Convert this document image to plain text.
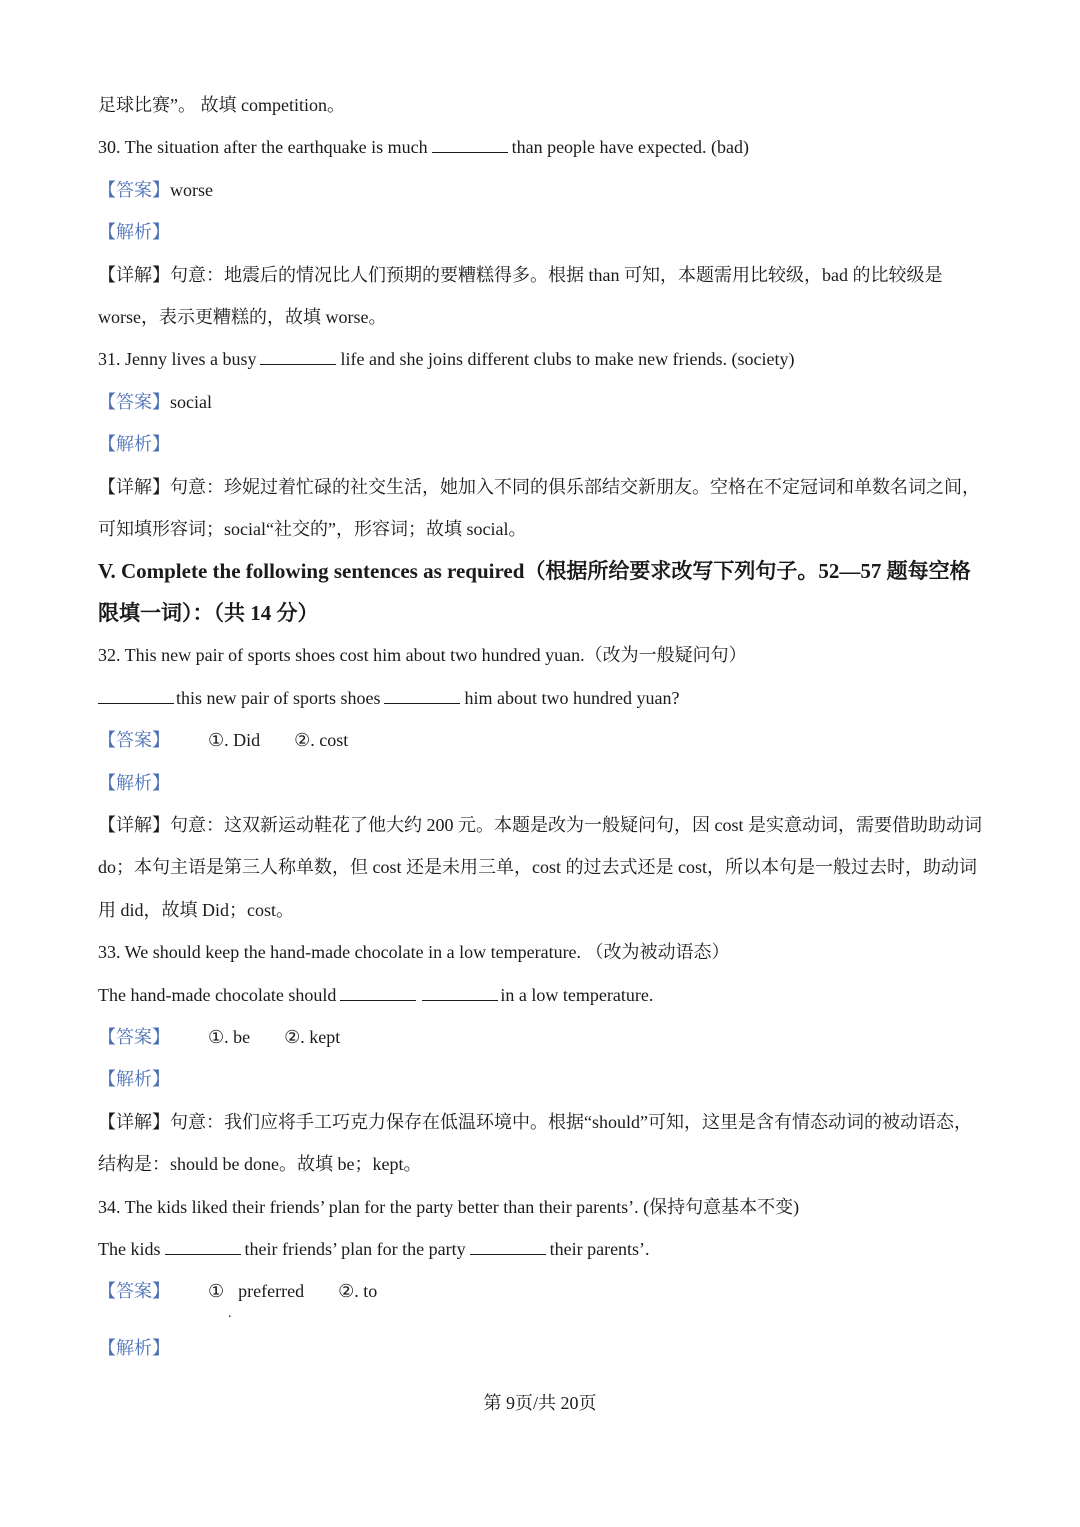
足球比赛”。 故填 competition。
30. The situation after the earthquake is much	than people have expected. (bad)
【答案】worse
【解析】
【详解】句意：地震后的情况比人们预期的要糟糕得多。根据 than 可知，本题需用比较级，bad 的比较级是 worse，表示更糟糕的，故填 worse。
31. Jenny lives a busy	life and she joins different clubs to make new friends. (society)
【答案】social
【解析】
【详解】句意：珍妮过着忙碌的社交生活，她加入不同的俱乐部结交新朋友。空格在不定冠词和单数名词之间，可知填形容词；social“社交的”，形容词；故填 social。
V. Complete the following sentences as required（根据所给要求改写下列句子。52—57 题每空格限填一词）：（共 14 分）
32. This new pair of sports shoes cost him about two hundred yuan.（改为一般疑问句）
this new pair of sports shoes	him about two hundred yuan?
【答案】 ①. Did ②. cost
【解析】
【详解】句意：这双新运动鞋花了他大约 200 元。本题是改为一般疑问句，因 cost 是实意动词，需要借助助动词 do；本句主语是第三人称单数，但 cost 还是未用三单，cost 的过去式还是 cost，所以本句是一般过去时，助动词用 did，故填 Did；cost。
33. We should keep the hand-made chocolate in a low temperature. （改为被动语态）
The hand-made chocolate should	in a low temperature.
【答案】 ①. be ②. kept
【解析】
【详解】句意：我们应将手工巧克力保存在低温环境中。根据“should”可知，这里是含有情态动词的被动语态，结构是：should be done。故填 be；kept。
34. The kids liked their friends’ plan for the party better than their parents’. (保持句意基本不变)
The kids	their friends’ plan for the party	their parents’.
【答案】 ① . preferred ②. to
【解析】
第 9页/共 20页
